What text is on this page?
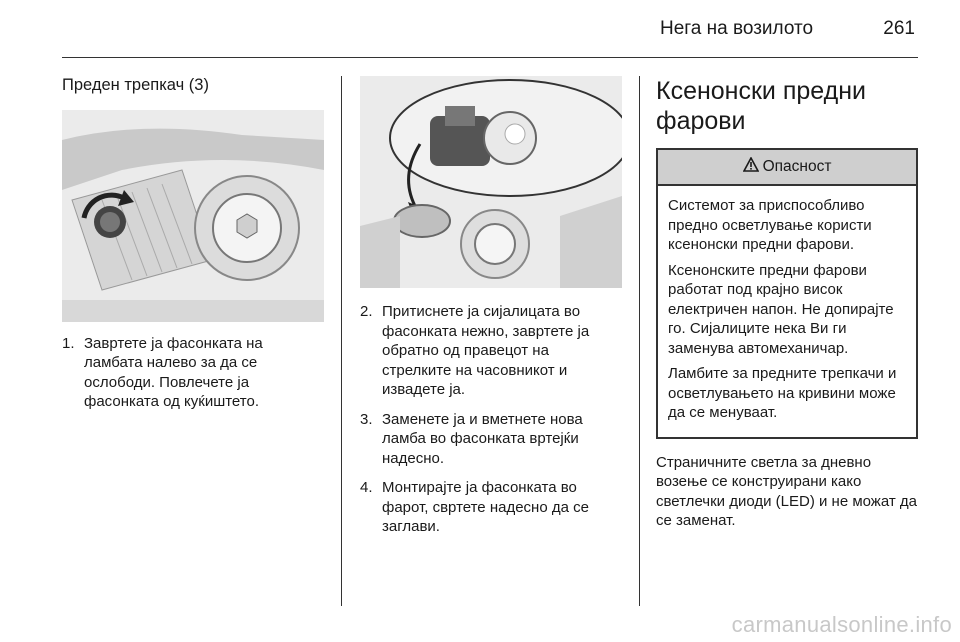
Нега на возилото	261
Преден трепкач (3)
1. Завртете ја фасонката на ламбата налево за да се ослободи. Повлечете ја фасонката од куќиштето.
2. Притиснете ја сијалицата во фасонката нежно, завртете ја обратно од правецот на стрелките на часовникот и извадете ја.
3. Заменете ја и вметнете нова ламба во фасонката вртејќи надесно.
4. Монтирајте ја фасонката во фарот, свртете надесно да се заглави.
Ксенонски предни фарови
Опасност

Системот за приспособливо предно осветлување користи ксенонски предни фарови.

Ксенонските предни фарови работат под крајно висок електричен напон. Не допирајте го. Сијалиците нека Ви ги заменува автомеханичар.

Ламбите за предните трепкачи и осветлувањето на кривини може да се менуваат.

Страничните светла за дневно возење се конструирани како светлечки диоди (LED) и не можат да се заменат.

carmanualsonline.info
